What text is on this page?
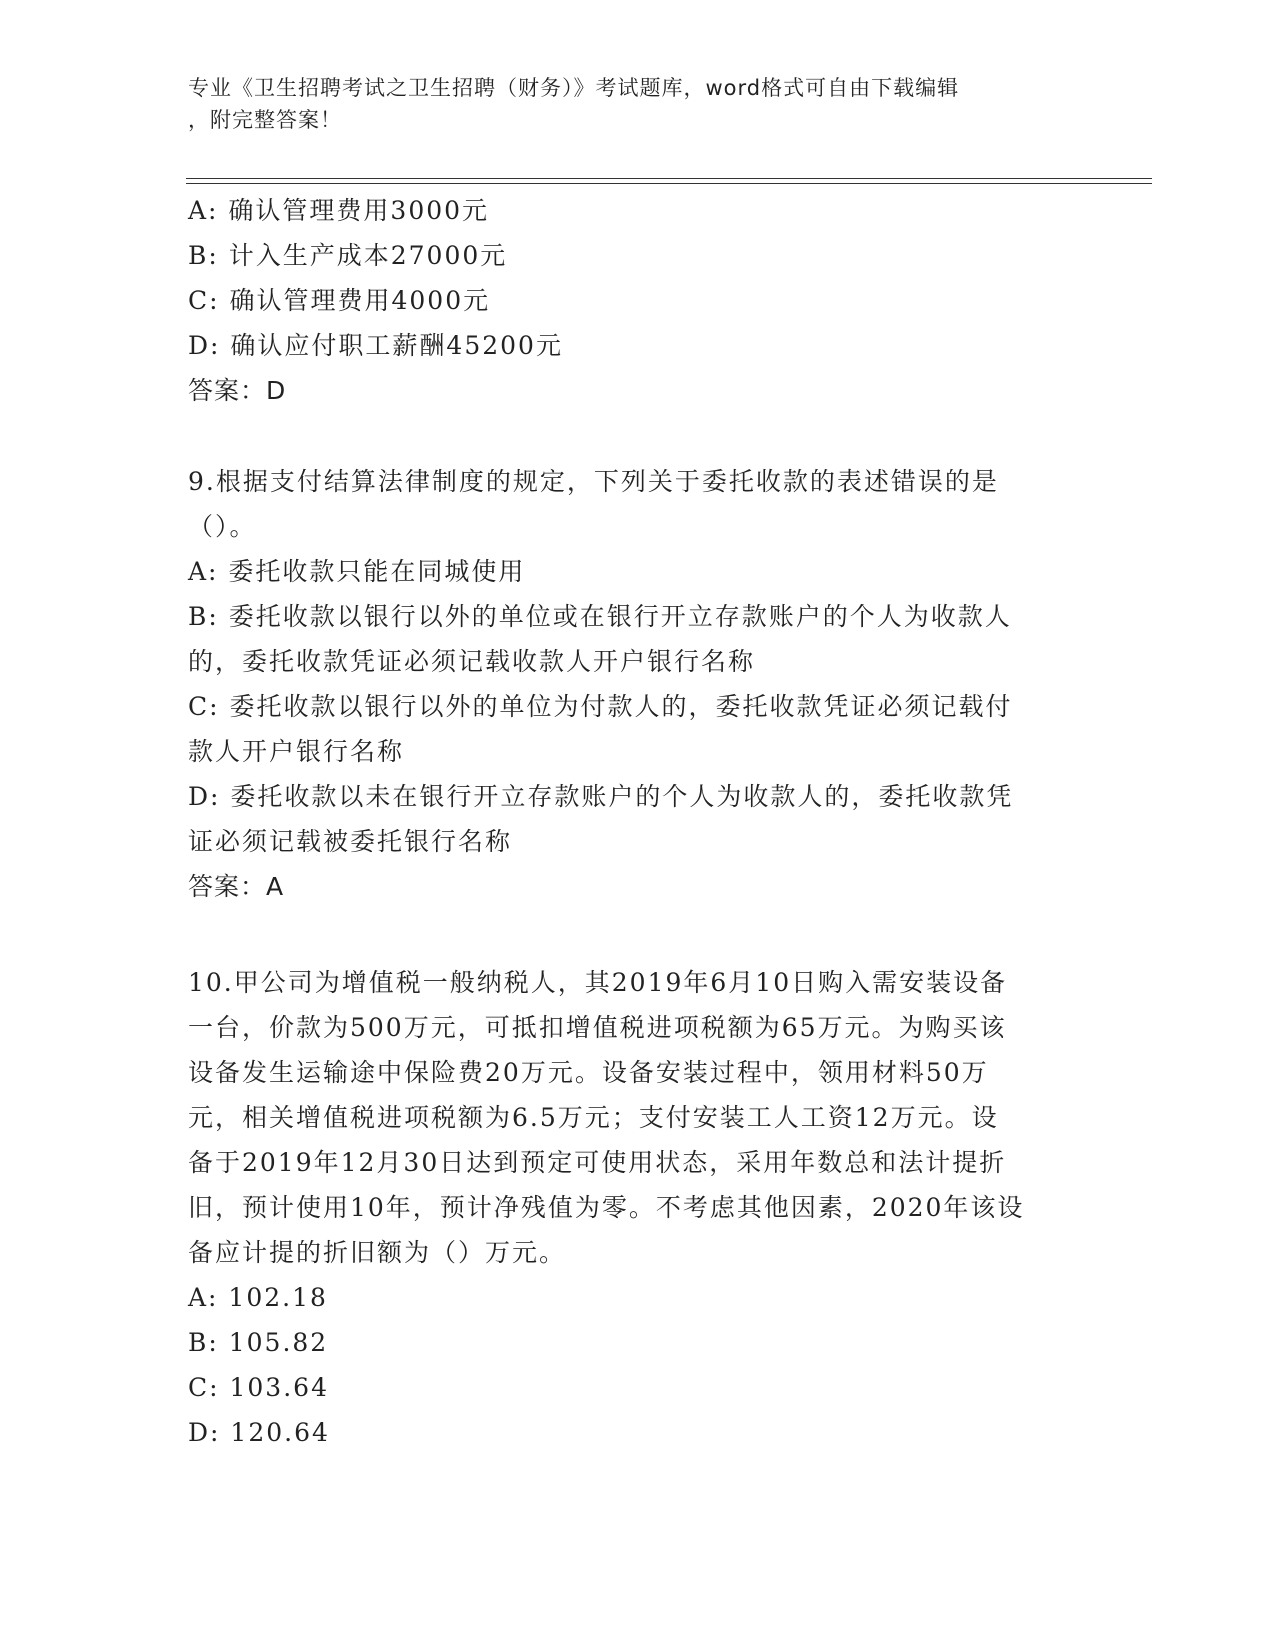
专业《卫生招聘考试之卫生招聘（财务）》考试题库，word格式可自由下载编辑
，附完整答案！
A: 确认管理费用3000元
B: 计入生产成本27000元
C: 确认管理费用4000元
D: 确认应付职工薪酬45200元
答案：D
9.根据支付结算法律制度的规定，下列关于委托收款的表述错误的是
（）。
A: 委托收款只能在同城使用
B: 委托收款以银行以外的单位或在银行开立存款账户的个人为收款人
的，委托收款凭证必须记载收款人开户银行名称
C: 委托收款以银行以外的单位为付款人的，委托收款凭证必须记载付
款人开户银行名称
D: 委托收款以未在银行开立存款账户的个人为收款人的，委托收款凭
证必须记载被委托银行名称
答案：A
10.甲公司为增值税一般纳税人，其2019年6月10日购入需安装设备
一台，价款为500万元，可抵扣增值税进项税额为65万元。为购买该
设备发生运输途中保险费20万元。设备安装过程中，领用材料50万
元，相关增值税进项税额为6.5万元；支付安装工人工资12万元。设
备于2019年12月30日达到预定可使用状态，采用年数总和法计提折
旧，预计使用10年，预计净残值为零。不考虑其他因素，2020年该设
备应计提的折旧额为（）万元。
A: 102.18
B: 105.82
C: 103.64
D: 120.64
